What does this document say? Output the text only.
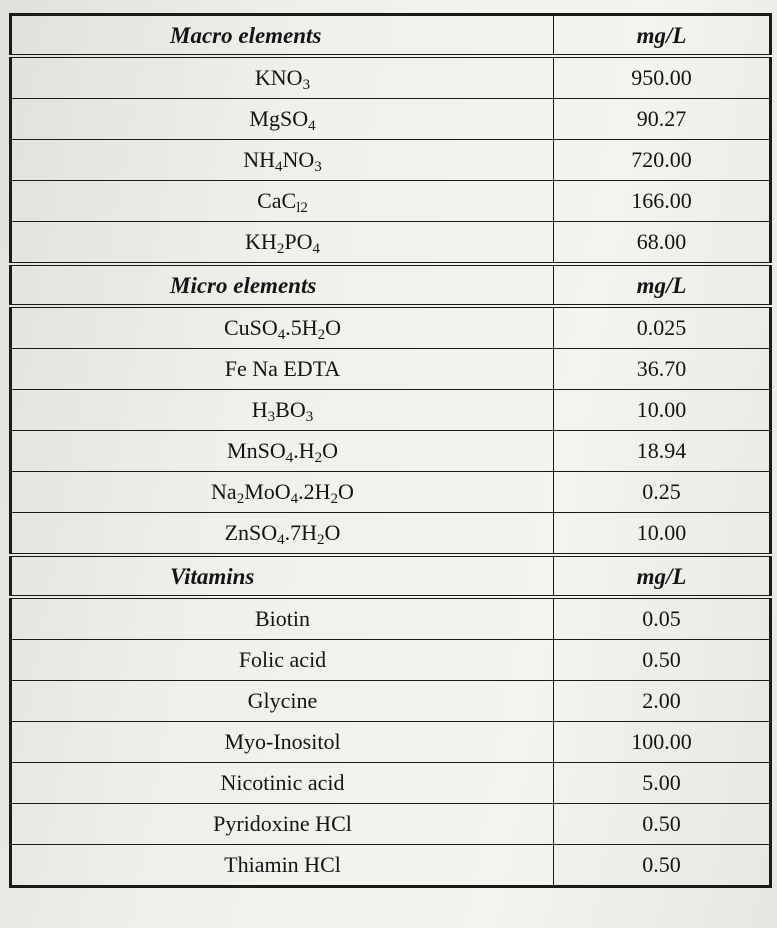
Macro elements	mg/L
$KNO_3$	950.00
MgSO$_4$	90.27
$NH_4NO_3$	720.00
CaC$_{l2}$	166.00
$KH_2PO_4$	68.00
Micro elements	mg/L
$CuSO_4.5H_2O$	0.025
Fe Na EDTA	36.70
$H_3BO_3$	10.00
$MnSO_4.H_2O$	18.94
$Na_2MoO_4.2H_2O$	0.25
$ZnSO_4.7H_2O$	10.00
Vitamins	mg/L
Biotin	0.05
Folic acid	0.50
Glycine	2.00
Myo-Inositol	100.00
Nicotinic acid	5.00
Pyridoxine HCl	0.50
Thiamin HCl	0.50
